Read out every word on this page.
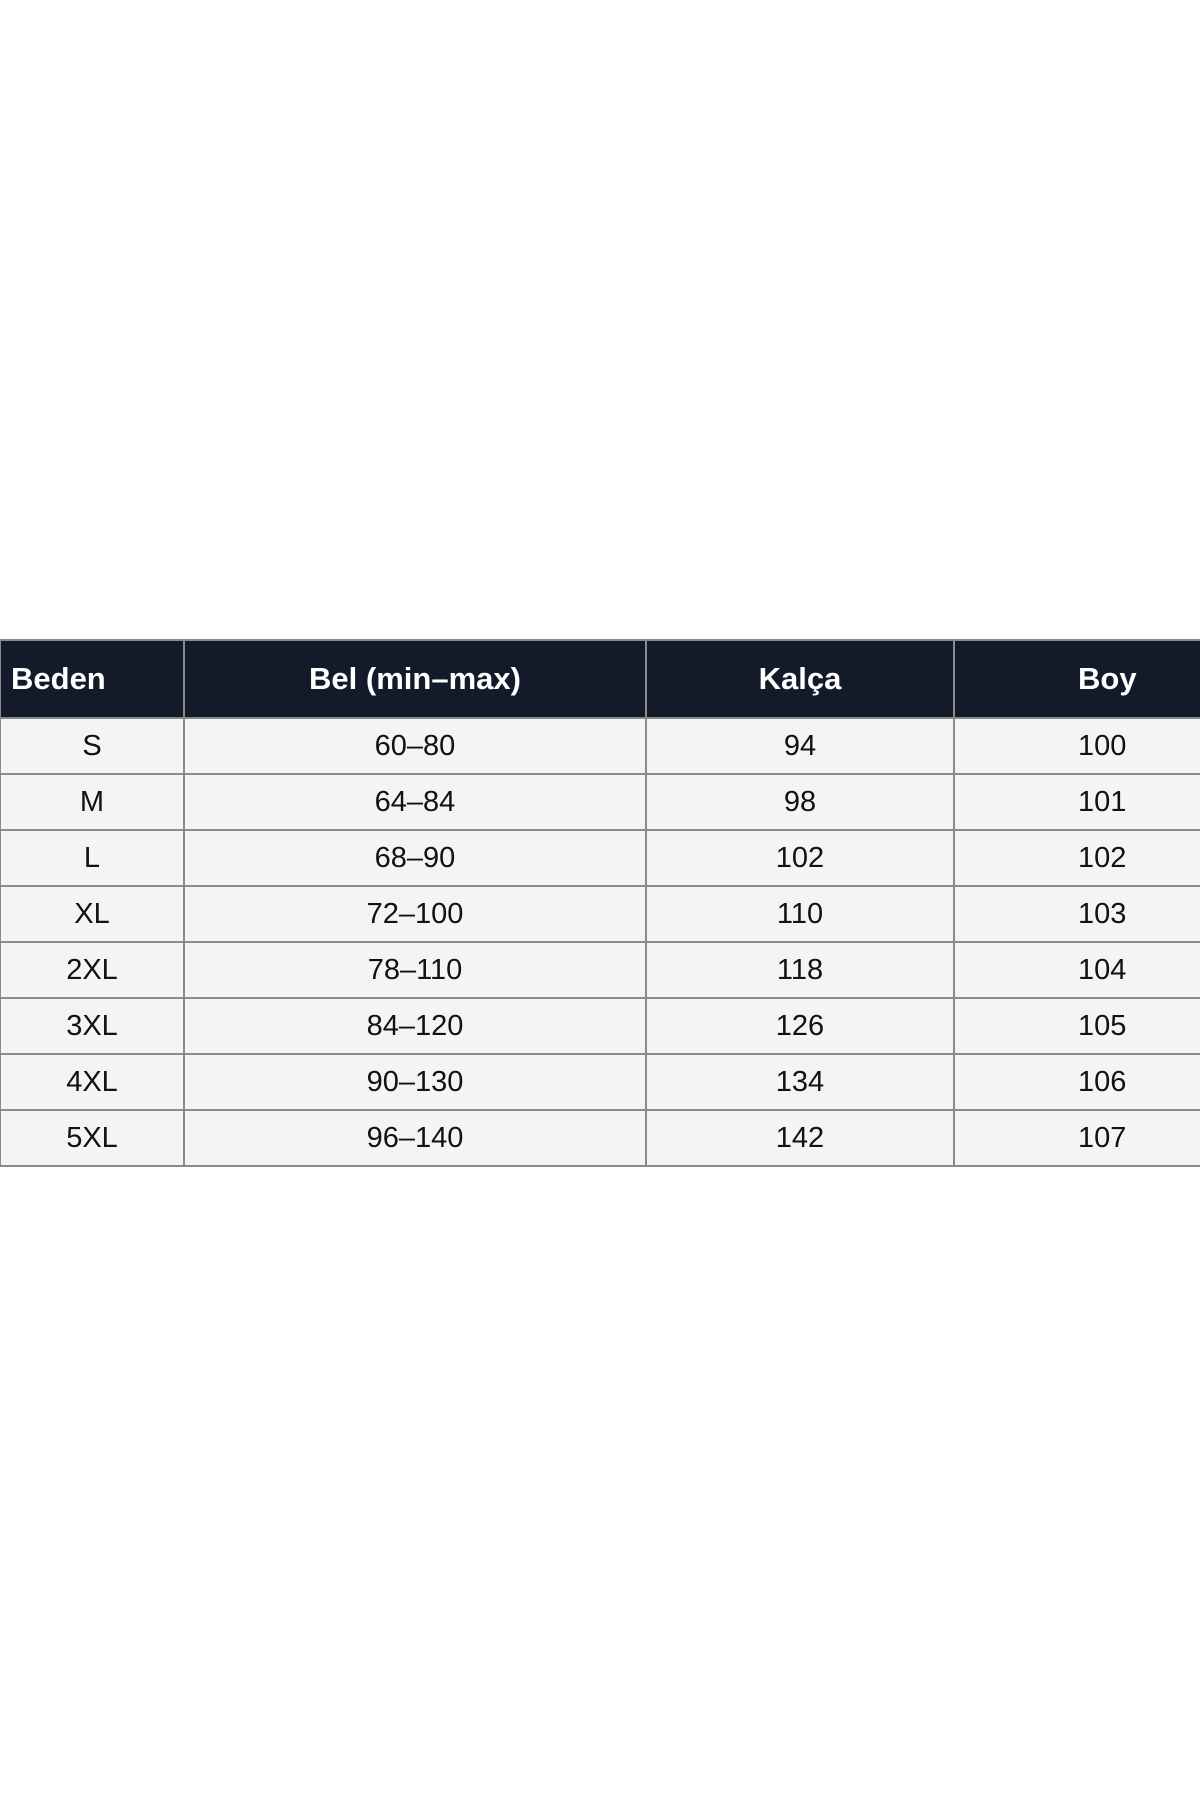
Beden	Bel (min–max)	Kalça	Boy
S	60–80	94	100
M	64–84	98	101
L	68–90	102	102
XL	72–100	110	103
2XL	78–110	118	104
3XL	84–120	126	105
4XL	90–130	134	106
5XL	96–140	142	107
